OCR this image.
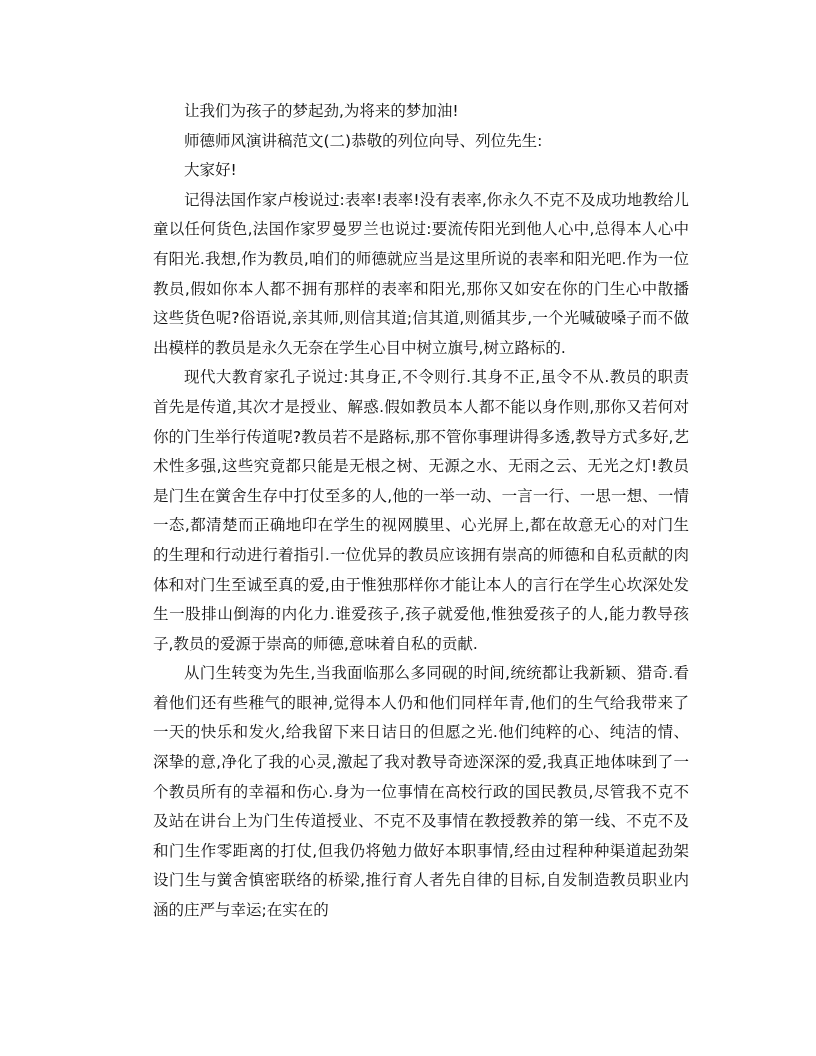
让我们为孩子的梦起劲,为将来的梦加油!

师德师风演讲稿范文(二)恭敬的列位向导、列位先生:

大家好!

记得法国作家卢梭说过:表率!表率!没有表率,你永久不克不及成功地教给儿童以任何货色,法国作家罗曼罗兰也说过:要流传阳光到他人心中,总得本人心中有阳光.我想,作为教员,咱们的师德就应当是这里所说的表率和阳光吧.作为一位教员,假如你本人都不拥有那样的表率和阳光,那你又如安在你的门生心中散播这些货色呢?俗语说,亲其师,则信其道;信其道,则循其步,一个光喊破嗓子而不做出模样的教员是永久无奈在学生心目中树立旗号,树立路标的.

现代大教育家孔子说过:其身正,不令则行.其身不正,虽令不从.教员的职责首先是传道,其次才是授业、解惑.假如教员本人都不能以身作则,那你又若何对你的门生举行传道呢?教员若不是路标,那不管你事理讲得多透,教导方式多好,艺术性多强,这些究竟都只能是无根之树、无源之水、无雨之云、无光之灯!教员是门生在黉舍生存中打仗至多的人,他的一举一动、一言一行、一思一想、一情一态,都清楚而正确地印在学生的视网膜里、心光屏上,都在故意无心的对门生的生理和行动进行着指引.一位优异的教员应该拥有崇高的师德和自私贡献的肉体和对门生至诚至真的爱,由于惟独那样你才能让本人的言行在学生心坎深处发生一股排山倒海的内化力.谁爱孩子,孩子就爱他,惟独爱孩子的人,能力教导孩子,教员的爱源于崇高的师德,意味着自私的贡献.

从门生转变为先生,当我面临那么多同砚的时间,统统都让我新颖、猎奇.看着他们还有些稚气的眼神,觉得本人仍和他们同样年青,他们的生气给我带来了一天的快乐和发火,给我留下来日诘日的但愿之光.他们纯粹的心、纯洁的情、深挚的意,净化了我的心灵,激起了我对教导奇迹深深的爱,我真正地体味到了一个教员所有的幸福和伤心.身为一位事情在高校行政的国民教员,尽管我不克不及站在讲台上为门生传道授业、不克不及事情在教授教养的第一线、不克不及和门生作零距离的打仗,但我仍将勉力做好本职事情,经由过程种种渠道起劲架设门生与黉舍慎密联络的桥梁,推行育人者先自律的目标,自发制造教员职业内涵的庄严与幸运;在实在的
